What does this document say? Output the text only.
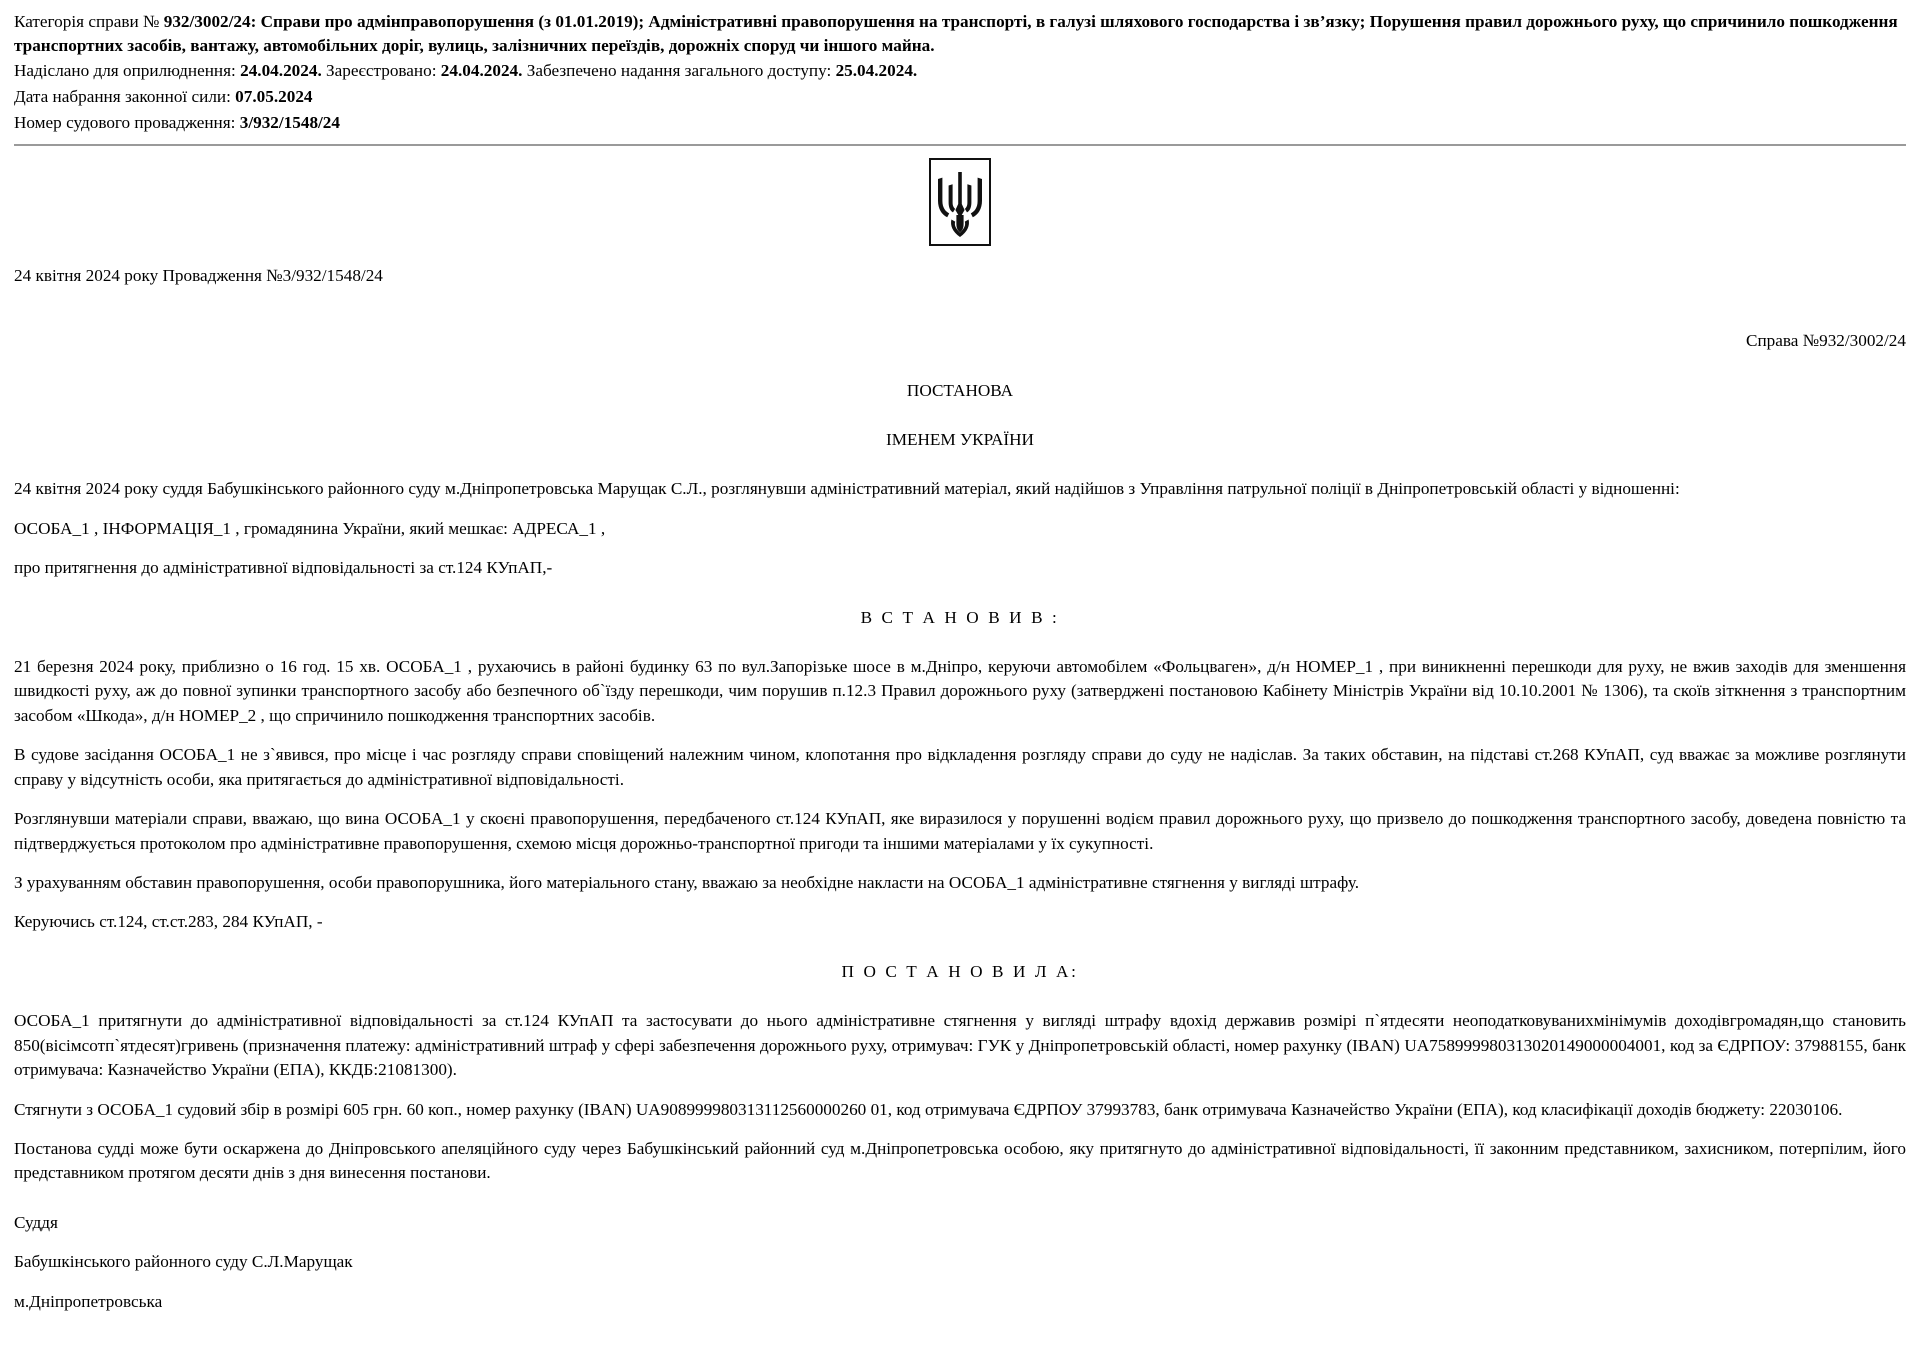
Категорія справи № 932/3002/24: Справи про адмінправопорушення (з 01.01.2019); Адміністративні правопорушення на транспорті, в галузі шляхового господарства і зв’язку; Порушення правил дорожнього руху, що спричинило пошкодження транспортних засобів, вантажу, автомобільних доріг, вулиць, залізничних переїздів, дорожніх споруд чи іншого майна.
Надіслано для оприлюднення: 24.04.2024. Зареєстровано: 24.04.2024. Забезпечено надання загального доступу: 25.04.2024.
Дата набрання законної сили: 07.05.2024
Номер судового провадження: 3/932/1548/24

24 квітня 2024 року Провадження №3/932/1548/24

Справа №932/3002/24

ПОСТАНОВА

ІМЕНЕМ УКРАЇНИ

24 квітня 2024 року суддя Бабушкінського районного суду м.Дніпропетровська Марущак С.Л., розглянувши адміністративний матеріал, який надійшов з Управління патрульної поліції в Дніпропетровській області у відношенні:

ОСОБА_1 , ІНФОРМАЦІЯ_1 , громадянина України, який мешкає: АДРЕСА_1 ,

про притягнення до адміністративної відповідальності за ст.124 КУпАП,-

В С Т А Н О В И В :

21 березня 2024 року, приблизно о 16 год. 15 хв. ОСОБА_1 , рухаючись в районі будинку 63 по вул.Запорізьке шосе в м.Дніпро, керуючи автомобілем «Фольцваген», д/н НОМЕР_1 , при виникненні перешкоди для руху, не вжив заходів для зменшення швидкості руху, аж до повної зупинки транспортного засобу або безпечного об`їзду перешкоди, чим порушив п.12.3 Правил дорожнього руху (затверджені постановою Кабінету Міністрів України від 10.10.2001 № 1306), та скоїв зіткнення з транспортним засобом «Шкода», д/н НОМЕР_2 , що спричинило пошкодження транспортних засобів.

В судове засідання ОСОБА_1 не з`явився, про місце і час розгляду справи сповіщений належним чином, клопотання про відкладення розгляду справи до суду не надіслав. За таких обставин, на підставі ст.268 КУпАП, суд вважає за можливе розглянути справу у відсутність особи, яка притягається до адміністративної відповідальності.

Розглянувши матеріали справи, вважаю, що вина ОСОБА_1 у скоєні правопорушення, передбаченого ст.124 КУпАП, яке виразилося у порушенні водієм правил дорожнього руху, що призвело до пошкодження транспортного засобу, доведена повністю та підтверджується протоколом про адміністративне правопорушення, схемою місця дорожньо-транспортної пригоди та іншими матеріалами у їх сукупності.

З урахуванням обставин правопорушення, особи правопорушника, його матеріального стану, вважаю за необхідне накласти на ОСОБА_1 адміністративне стягнення у вигляді штрафу.

Керуючись ст.124, ст.ст.283, 284 КУпАП, -

П О С Т А Н О В И Л А:

ОСОБА_1 притягнути до адміністративної відповідальності за ст.124 КУпАП та застосувати до нього адміністративне стягнення у вигляді штрафу вдохід державив розмірі п`ятдесяти неоподатковуванихмінімумів доходівгромадян,що становить 850(вісімсотп`ятдесят)гривень (призначення платежу: адміністративний штраф у сфері забезпечення дорожнього руху, отримувач: ГУК у Дніпропетровській області, номер рахунку (IBAN) UA758999980313020149000004001, код за ЄДРПОУ: 37988155, банк отримувача: Казначейство України (ЕПА), ККДБ:21081300).

Стягнути з ОСОБА_1 судовий збір в розмірі 605 грн. 60 коп., номер рахунку (IBAN) UA908999980313112560000260 01, код отримувача ЄДРПОУ 37993783, банк отримувача Казначейство України (ЕПА), код класифікації доходів бюджету: 22030106.

Постанова судді може бути оскаржена до Дніпровського апеляційного суду через Бабушкінський районний суд м.Дніпропетровська особою, яку притягнуто до адміністративної відповідальності, її законним представником, захисником, потерпілим, його представником протягом десяти днів з дня винесення постанови.

Суддя

Бабушкінського районного суду С.Л.Марущак

м.Дніпропетровська
